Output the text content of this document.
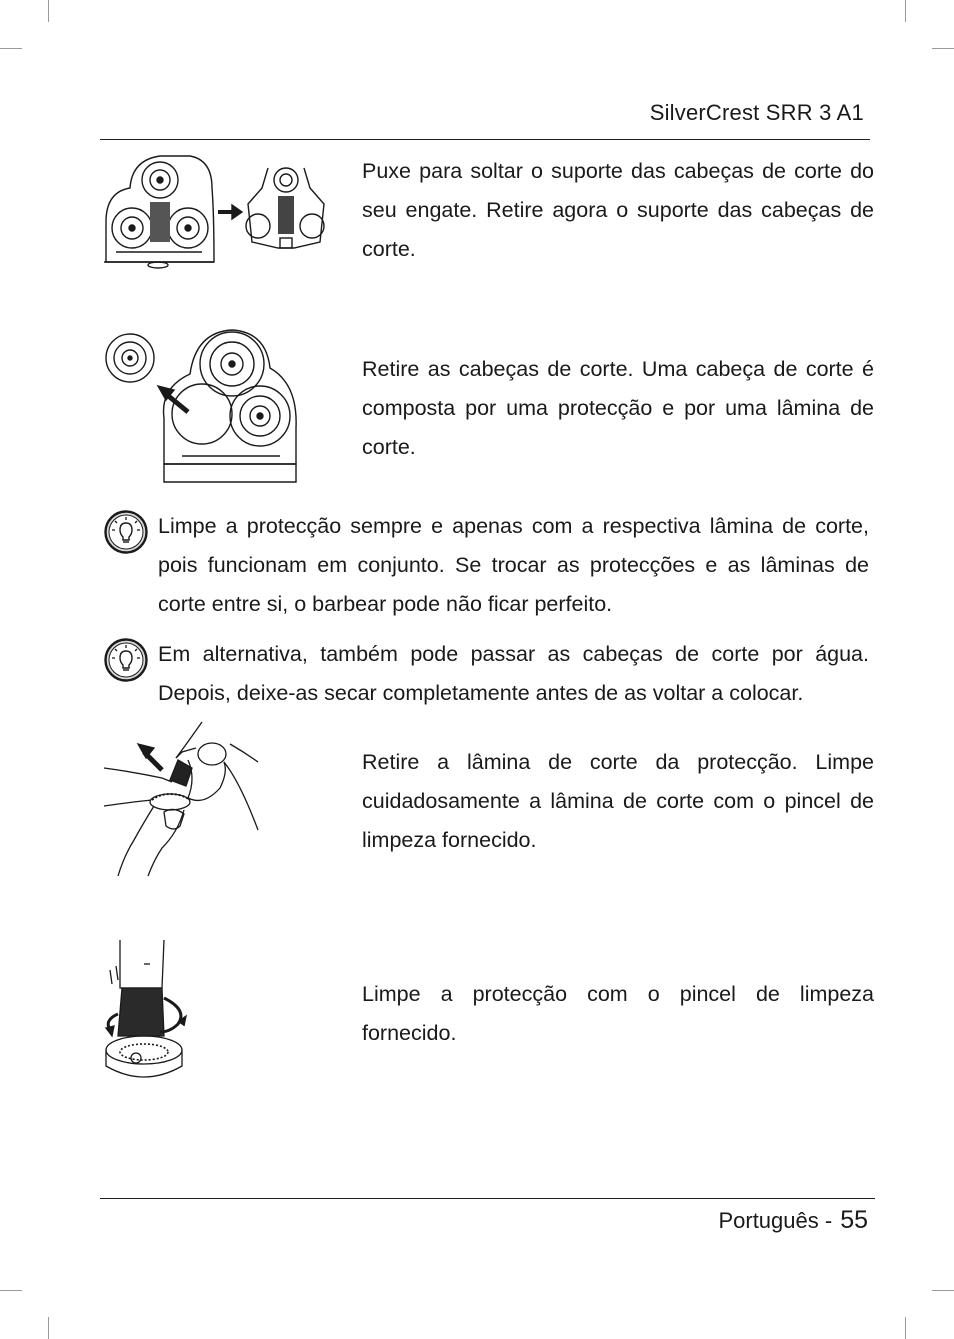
SilverCrest SRR 3 A1

Puxe para soltar o suporte das cabeças de corte do seu engate. Retire agora o suporte das cabeças de corte.

Retire as cabeças de corte. Uma cabeça de corte é composta por uma protecção e por uma lâmina de corte.

Limpe a protecção sempre e apenas com a respectiva lâmina de corte, pois funcionam em conjunto. Se trocar as protecções e as lâminas de corte entre si, o barbear pode não ficar perfeito.

Em alternativa, também pode passar as cabeças de corte por água. Depois, deixe-as secar completamente antes de as voltar a colocar.

Retire a lâmina de corte da protecção. Limpe cuidadosamente a lâmina de corte com o pincel de limpeza fornecido.

Limpe a protecção com o pincel de limpeza fornecido.

Português - 55
